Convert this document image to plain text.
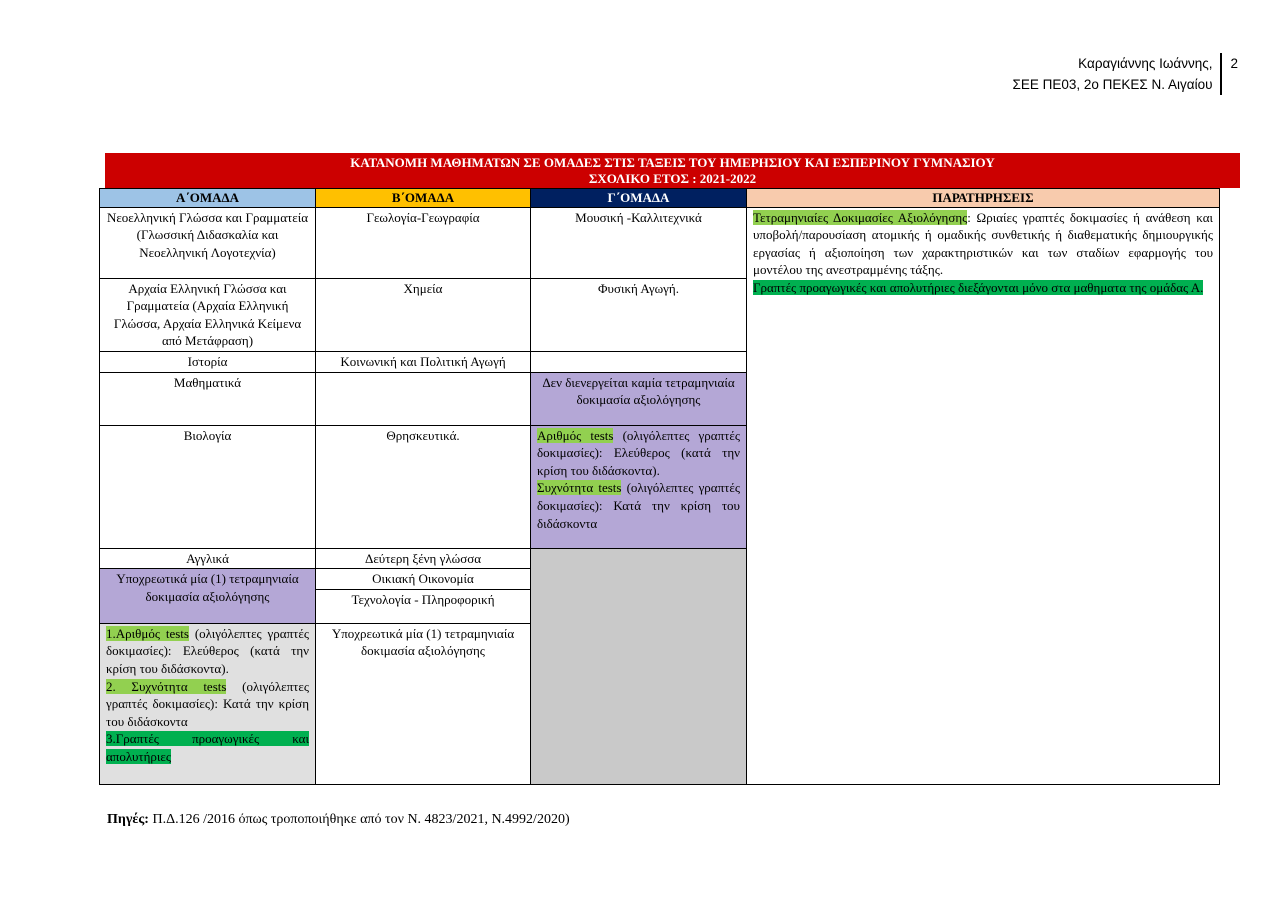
Καραγιάννης Ιωάννης,
ΣΕΕ ΠΕ03, 2ο ΠΕΚΕΣ Ν. Αιγαίου
2
ΚΑΤΑΝΟΜΗ ΜΑΘΗΜΑΤΩΝ ΣΕ ΟΜΑΔΕΣ ΣΤΙΣ ΤΑΞΕΙΣ ΤΟΥ ΗΜΕΡΗΣΙΟΥ ΚΑΙ ΕΣΠΕΡΙΝΟΥ ΓΥΜΝΑΣΙΟΥ
ΣΧΟΛΙΚΟ ΕΤΟΣ : 2021-2022
Α΄ΟΜΑΔΑ	Β΄ΟΜΑΔΑ	Γ΄ΟΜΑΔΑ	ΠΑΡΑΤΗΡΗΣΕΙΣ
Νεοελληνική Γλώσσα και Γραμματεία (Γλωσσική Διδασκαλία και Νεοελληνική Λογοτεχνία)	Γεωλογία-Γεωγραφία	Μουσική -Καλλιτεχνικά	Τετραμηνιαίες Δοκιμασίες Αξιολόγησης: Ωριαίες γραπτές δοκιμασίες ή ανάθεση και υποβολή/παρουσίαση ατομικής ή ομαδικής συνθετικής ή διαθεματικής δημιουργικής εργασίας ή αξιοποίηση των χαρακτηριστικών και των σταδίων εφαρμογής του μοντέλου της ανεστραμμένης τάξης.
Γραπτές προαγωγικές και απολυτήριες διεξάγονται μόνο στα μαθηματα της ομάδας Α.
Αρχαία Ελληνική Γλώσσα και Γραμματεία (Αρχαία Ελληνική Γλώσσα, Αρχαία Ελληνικά Κείμενα από Μετάφραση)	Χημεία	Φυσική Αγωγή.	
Ιστορία	Κοινωνική και Πολιτική Αγωγή		
Μαθηματικά		Δεν διενεργείται καμία τετραμηνιαία δοκιμασία αξιολόγησης	
Βιολογία	Θρησκευτικά.	Αριθμός tests (ολιγόλεπτες γραπτές δοκιμασίες): Ελεύθερος (κατά την κρίση του διδάσκοντα).
Συχνότητα tests (ολιγόλεπτες γραπτές δοκιμασίες): Κατά την κρίση του διδάσκοντα	
Αγγλικά	Δεύτερη ξένη γλώσσα		
Υποχρεωτικά μία (1) τετραμηνιαία δοκιμασία αξιολόγησης	Οικιακή Οικονομία		
	Τεχνολογία - Πληροφορική		
1.Αριθμός tests (ολιγόλεπτες γραπτές δοκιμασίες): Ελεύθερος (κατά την κρίση του διδάσκοντα).
2. Συχνότητα tests (ολιγόλεπτες γραπτές δοκιμασίες): Κατά την κρίση του διδάσκοντα
3.Γραπτές προαγωγικές και απολυτήριες	Υποχρεωτικά μία (1) τετραμηνιαία δοκιμασία αξιολόγησης		
Πηγές: Π.Δ.126 /2016 όπως τροποποιήθηκε από τον Ν. 4823/2021, Ν.4992/2020)
